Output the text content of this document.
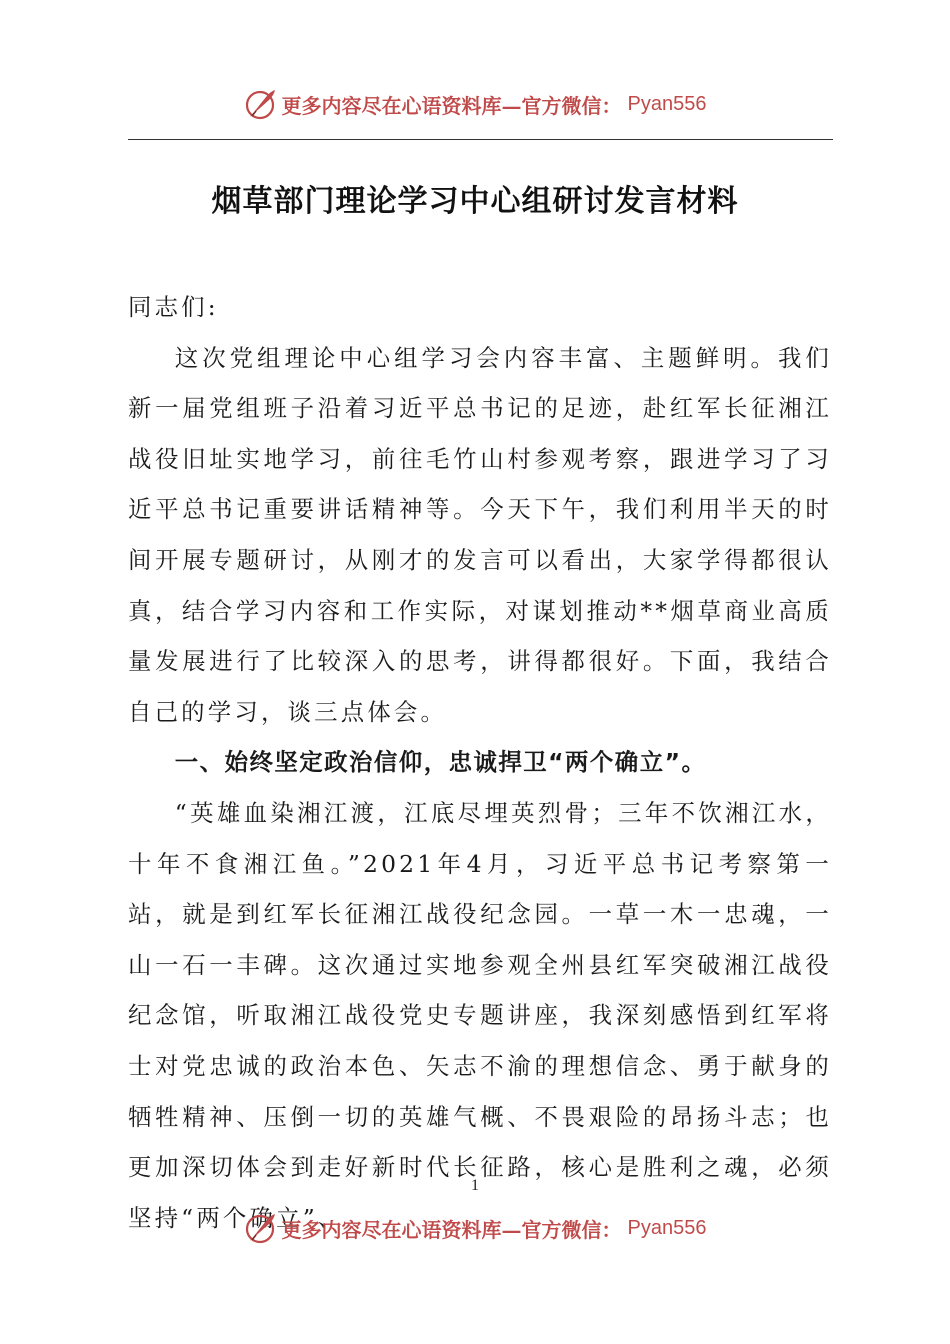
更多内容尽在心语资料库—官方微信： Pyan556
烟草部门理论学习中心组研讨发言材料

同志们:

这次党组理论中心组学习会内容丰富、主题鲜明。我们新一届党组班子沿着习近平总书记的足迹，赴红军长征湘江战役旧址实地学习，前往毛竹山村参观考察，跟进学习了习近平总书记重要讲话精神等。今天下午，我们利用半天的时间开展专题研讨，从刚才的发言可以看出，大家学得都很认真，结合学习内容和工作实际，对谋划推动**烟草商业高质量发展进行了比较深入的思考，讲得都很好。下面，我结合自己的学习，谈三点体会。

一、始终坚定政治信仰，忠诚捍卫“两个确立”。

“英雄血染湘江渡，江底尽埋英烈骨；三年不饮湘江水，十年不食湘江鱼。”2021年4月，习近平总书记考察第一站，就是到红军长征湘江战役纪念园。一草一木一忠魂，一山一石一丰碑。这次通过实地参观全州县红军突破湘江战役纪念馆，听取湘江战役党史专题讲座，我深刻感悟到红军将士对党忠诚的政治本色、矢志不渝的理想信念、勇于献身的牺牲精神、压倒一切的英雄气概、不畏艰险的昂扬斗志；也更加深切体会到走好新时代长征路，核心是胜利之魂，必须坚持“两个确立”、

1
更多内容尽在心语资料库—官方微信： Pyan556
